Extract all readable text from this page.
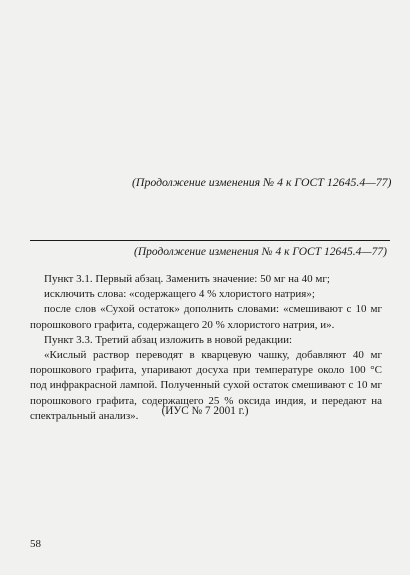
(Продолжение изменения № 4 к ГОСТ 12645.4—77)
(Продолжение изменения № 4 к ГОСТ 12645.4—77)

Пункт 3.1. Первый абзац. Заменить значение: 50 мг на 40 мг;

исключить слова: «содержащего 4 % хлористого натрия»;

после слов «Сухой остаток» дополнить словами: «смешивают с 10 мг порошкового графита, содержащего 20 % хлористого натрия, и».

Пункт 3.3. Третий абзац изложить в новой редакции:

«Кислый раствор переводят в кварцевую чашку, добавляют 40 мг порошкового графита, упаривают досуха при температуре около 100 °С под инфракрасной лампой. Полученный сухой остаток смешивают с 10 мг порошкового графита, содержащего 25 % оксида индия, и передают на спектральный анализ».	(ИУС № 7 2001 г.)
58
